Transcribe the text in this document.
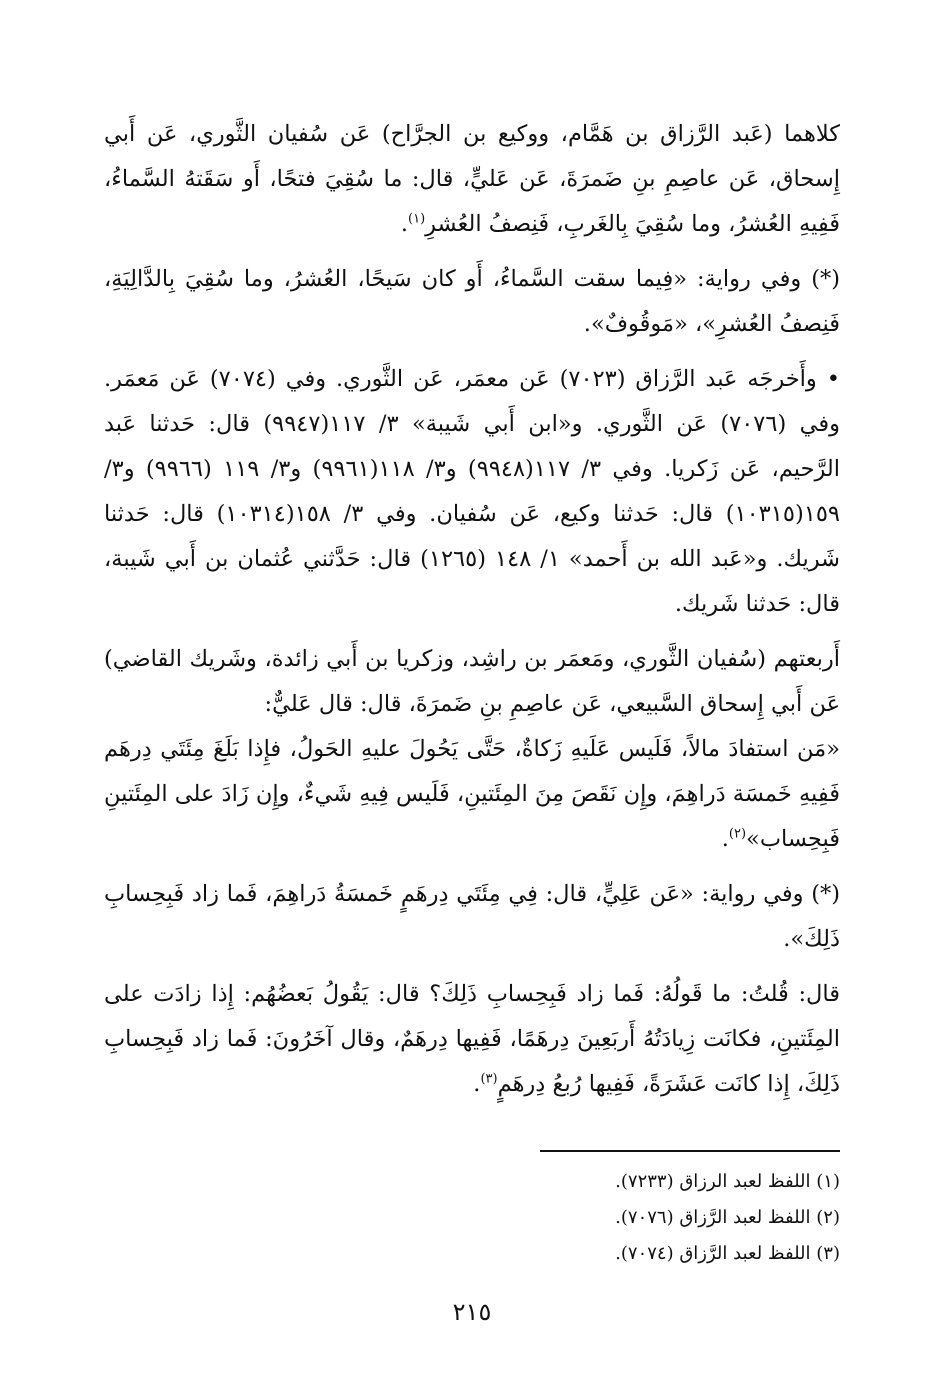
كلاهما (عَبد الرَّزاق بن هَمَّام، ووكيع بن الجرَّاح) عَن سُفيان الثَّوري، عَن أَبي إِسحاق، عَن عاصِمِ بنِ ضَمرَةَ، عَن عَليٍّ، قال: ما سُقِيَ فتحًا، أَو سَقَتهُ السَّماءُ، فَفِيهِ العُشرُ، وما سُقِيَ بِالغَربِ، فَنِصفُ العُشرِ$^{(١)}$.

(*) وفي رواية: «فِيما سقت السَّماءُ، أَو كان سَيحًا، العُشرُ، وما سُقِيَ بِالدَّالِيَةِ، فَنِصفُ العُشرِ»، «مَوقُوفٌ».

• وأَخرجَه عَبد الرَّزاق (٧٠٢٣) عَن معمَر، عَن الثَّوري. وفي (٧٠٧٤) عَن مَعمَر. وفي (٧٠٧٦) عَن الثَّوري. و«ابن أَبي شَيبة» ٣/ ١١٧(٩٩٤٧) قال: حَدثنا عَبد الرَّحيم، عَن زَكريا. وفي ٣/ ١١٧(٩٩٤٨) و٣/ ١١٨(٩٩٦١) و٣/ ١١٩ (٩٩٦٦) و٣/ ١٥٩(١٠٣١٥) قال: حَدثنا وكيع، عَن سُفيان. وفي ٣/ ١٥٨(١٠٣١٤) قال: حَدثنا شَريك. و«عَبد الله بن أَحمد» ١/ ١٤٨ (١٢٦٥) قال: حَدَّثني عُثمان بن أَبي شَيبة، قال: حَدثنا شَريك.

أَربعتهم (سُفيان الثَّوري، ومَعمَر بن راشِد، وزكريا بن أَبي زائدة، وشَريك القاضي) عَن أَبي إِسحاق السَّبيعي، عَن عاصِمِ بنِ ضَمرَةَ، قال: قال عَليٌّ:

«مَن استفادَ مالاً، فَلَيس عَلَيهِ زَكاةٌ، حَتَّى يَحُولَ عليهِ الحَولُ، فإِذا بَلَغَ مِئَتَي دِرهَم فَفِيهِ خَمسَة دَراهِمَ، وإِن نَقَصَ مِنَ المِئَتينِ، فَلَيس فِيهِ شَيءٌ، وإِن زَادَ على المِئَتينِ فَبِحِساب»$^{(٢)}$.

(*) وفي رواية: «عَن عَلِيٍّ، قال: فِي مِئَتَي دِرهَمٍ خَمسَةُ دَراهِمَ، فَما زاد فَبِحِسابِ ذَلِكَ».

قال: قُلتُ: ما قَولُهُ: فَما زاد فَبِحِسابِ ذَلِكَ؟ قال: يَقُولُ بَعضُهُم: إِذا زادَت على المِئَتينِ، فكانَت زِيادَتُهُ أَربَعِينَ دِرهَمًا، فَفِيها دِرهَمٌ، وقال آخَرُونَ: فَما زاد فَبِحِسابِ ذَلِكَ، إِذا كانَت عَشَرَةً، فَفِيها رُبعُ دِرهَمٍ$^{(٣)}$.

(١) اللفظ لعبد الرزاق (٧٢٣٣).

(٢) اللفظ لعبد الرَّزاق (٧٠٧٦).

(٣) اللفظ لعبد الرَّزاق (٧٠٧٤).

٢١٥
